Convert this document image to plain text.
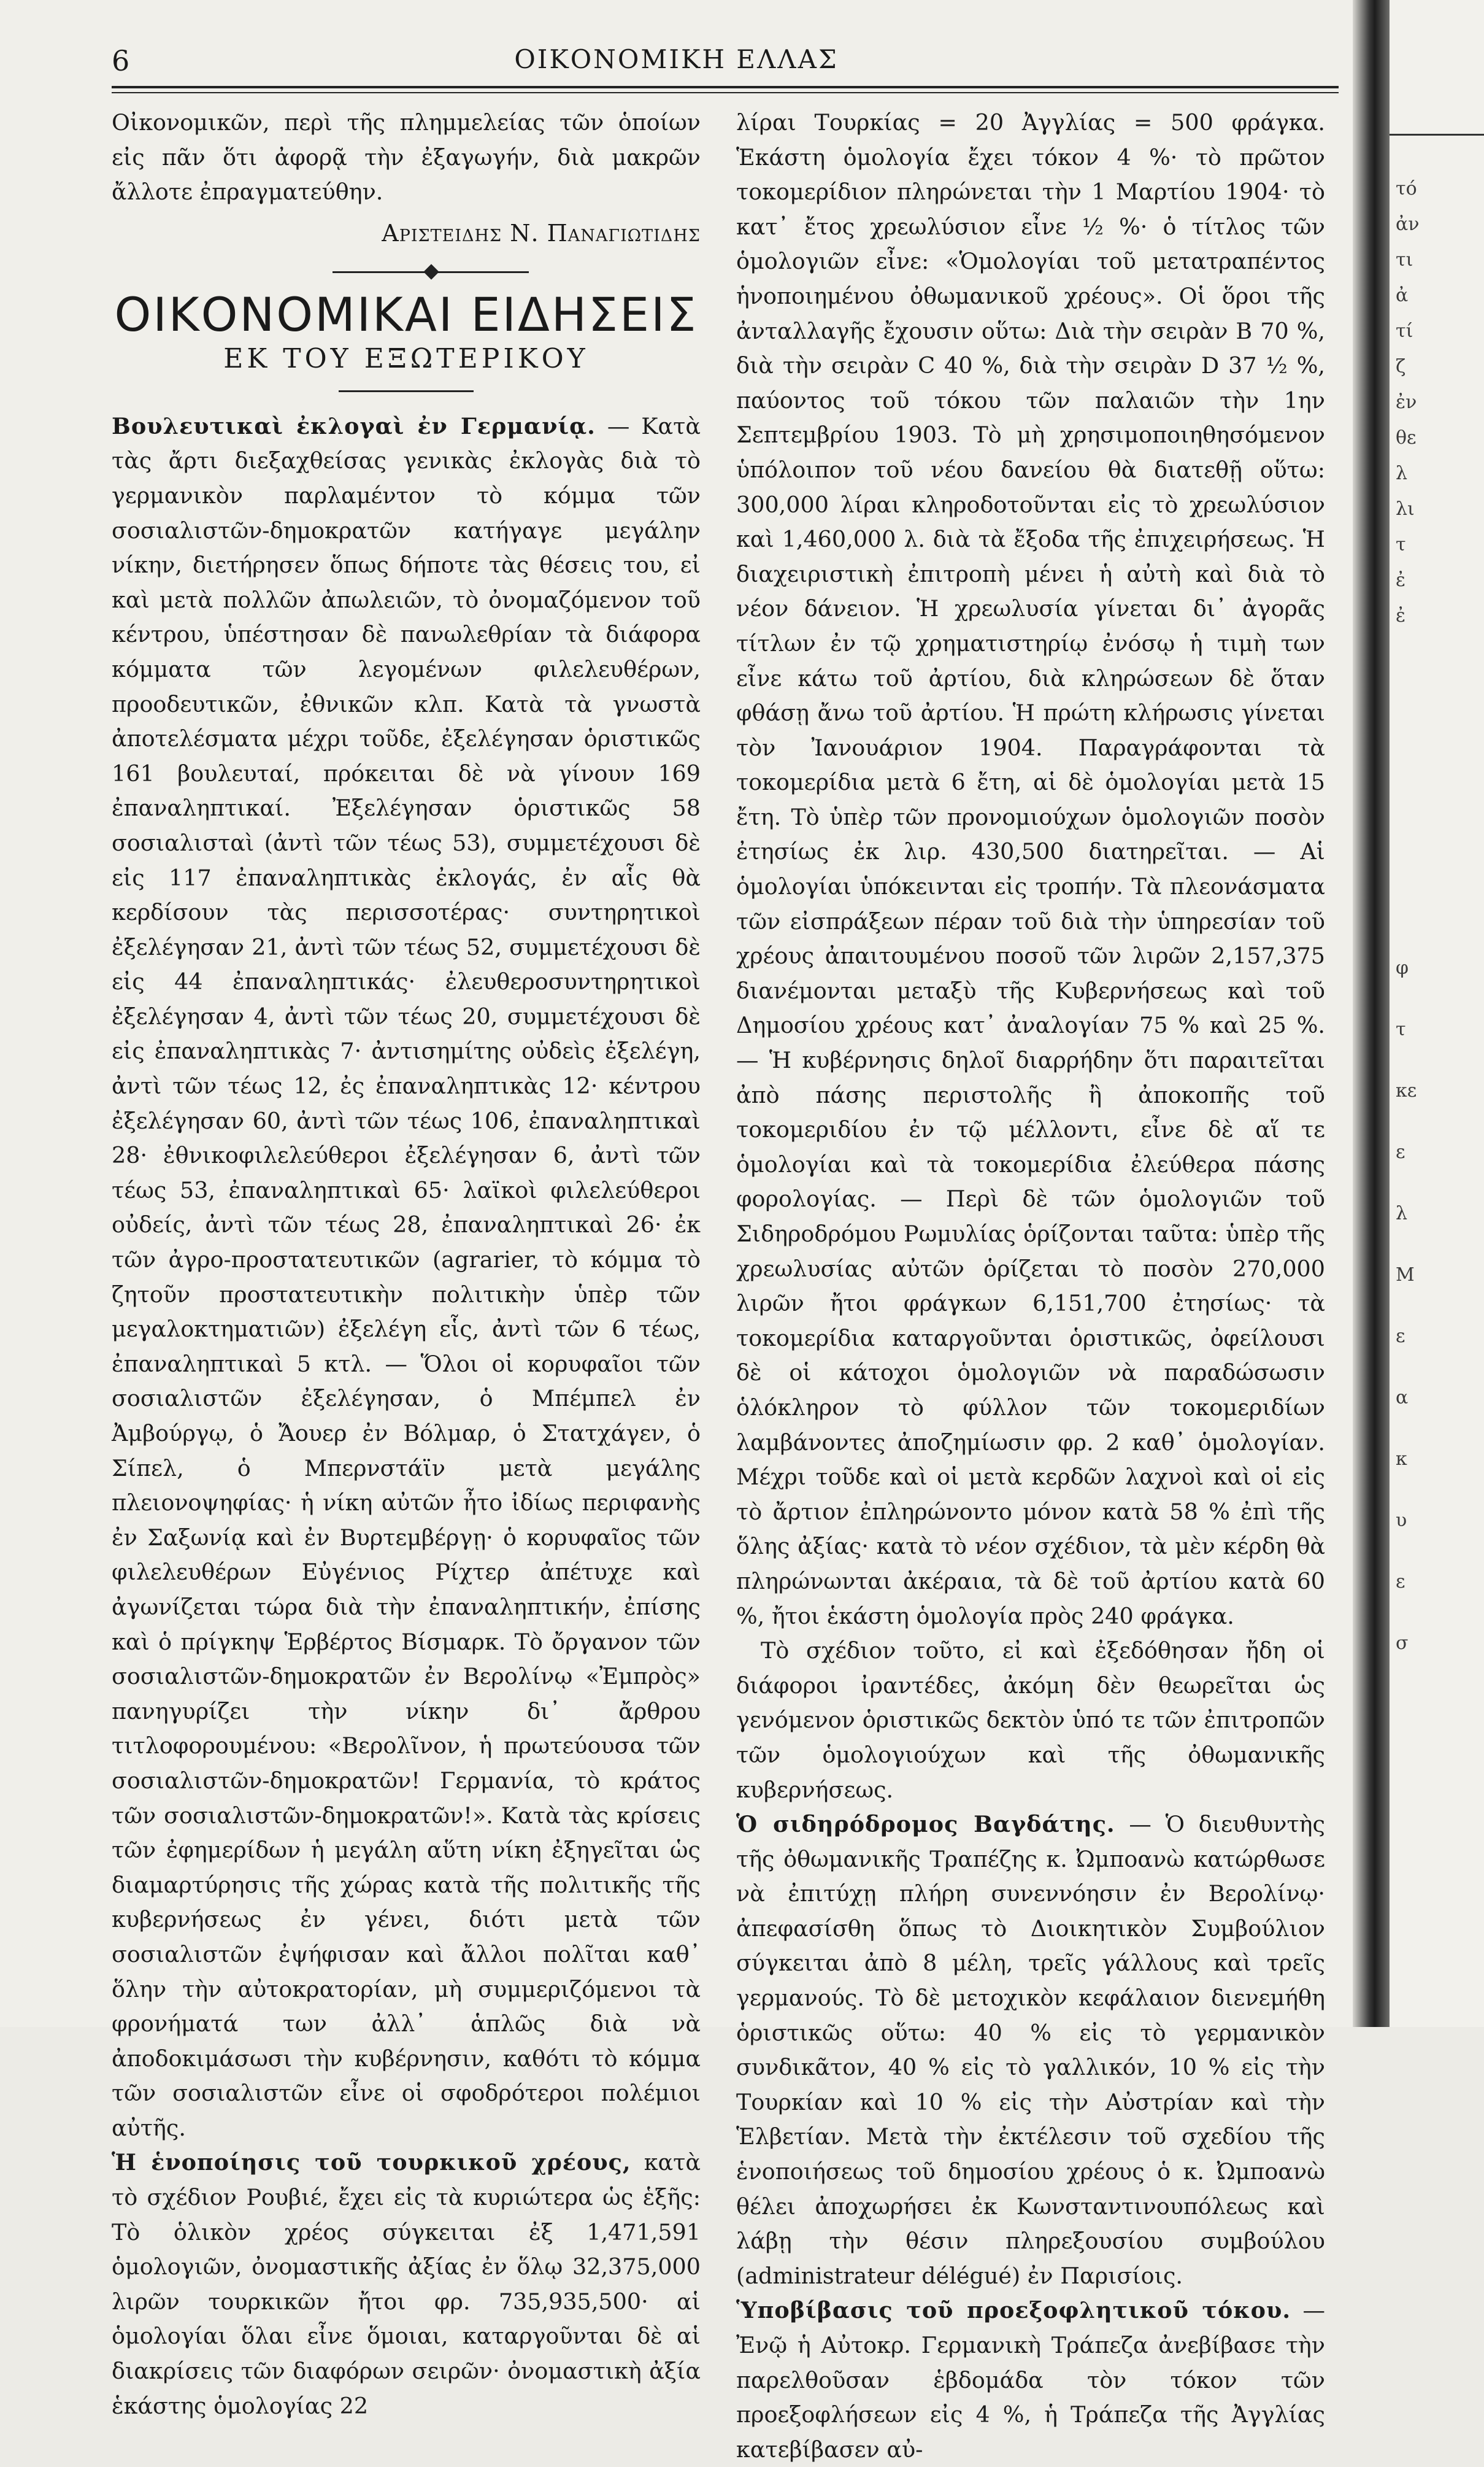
τό
ἀν
τι
ἀ
τί
ζ
ἐν
θε
λ
λι
τ
ἐ
ἐ
φ
τ
κε
ε
λ
Μ
ε
α
κ
υ
ε
σ
6	ΟΙΚΟΝΟΜΙΚΗ ΕΛΛΑΣ

Οἰκονομικῶν, περὶ τῆς πλημμελείας τῶν ὁποίων εἰς πᾶν ὅτι ἀφορᾷ τὴν ἐξαγωγήν, διὰ μακρῶν ἄλλοτε ἐπραγματεύθην.

Αριστειδης Ν. Παναγιωτιδης
ΟΙΚΟΝΟΜΙΚΑΙ ΕΙΔΗΣΕΙΣ
ΕΚ ΤΟΥ ΕΞΩΤΕΡΙΚΟΥ

Βουλευτικαὶ ἐκλογαὶ ἐν Γερμανίᾳ. — Κατὰ τὰς ἄρτι διεξαχθείσας γενικὰς ἐκλογὰς διὰ τὸ γερμανικὸν παρλαμέντον τὸ κόμμα τῶν σοσιαλιστῶν-δημοκρατῶν κατήγαγε μεγάλην νίκην, διετήρησεν ὅπως δήποτε τὰς θέσεις του, εἰ καὶ μετὰ πολλῶν ἀπωλειῶν, τὸ ὀνομαζόμενον τοῦ κέντρου, ὑπέστησαν δὲ πανωλεθρίαν τὰ διάφορα κόμματα τῶν λεγομένων φιλελευθέρων, προοδευτικῶν, ἐθνικῶν κλπ. Κατὰ τὰ γνωστὰ ἀποτελέσματα μέχρι τοῦδε, ἐξελέγησαν ὁριστικῶς 161 βουλευταί, πρόκειται δὲ νὰ γίνουν 169 ἐπαναληπτικαί. Ἐξελέγησαν ὁριστικῶς 58 σοσιαλισταὶ (ἀντὶ τῶν τέως 53), συμμετέχουσι δὲ εἰς 117 ἐπαναληπτικὰς ἐκλογάς, ἐν αἷς θὰ κερδίσουν τὰς περισσοτέρας· συντηρητικοὶ ἐξελέγησαν 21, ἀντὶ τῶν τέως 52, συμμετέχουσι δὲ εἰς 44 ἐπαναληπτικάς· ἐλευθεροσυντηρητικοὶ ἐξελέγησαν 4, ἀντὶ τῶν τέως 20, συμμετέχουσι δὲ εἰς ἐπαναληπτικὰς 7· ἀντισημίτης οὐδεὶς ἐξελέγη, ἀντὶ τῶν τέως 12, ἐς ἐπαναληπτικὰς 12· κέντρου ἐξελέγησαν 60, ἀντὶ τῶν τέως 106, ἐπαναληπτικαὶ 28· ἐθνικοφιλελεύθεροι ἐξελέγησαν 6, ἀντὶ τῶν τέως 53, ἐπαναληπτικαὶ 65· λαϊκοὶ φιλελεύθεροι οὐδείς, ἀντὶ τῶν τέως 28, ἐπαναληπτικαὶ 26· ἐκ τῶν ἀγρο-προστατευτικῶν (agrarier, τὸ κόμμα τὸ ζητοῦν προστατευτικὴν πολιτικὴν ὑπὲρ τῶν μεγαλοκτηματιῶν) ἐξελέγη εἷς, ἀντὶ τῶν 6 τέως, ἐπαναληπτικαὶ 5 κτλ. — Ὅλοι οἱ κορυφαῖοι τῶν σοσιαλιστῶν ἐξελέγησαν, ὁ Μπέμπελ ἐν Ἀμβούργῳ, ὁ Ἄουερ ἐν Βόλμαρ, ὁ Στατχάγεν, ὁ Σίπελ, ὁ Μπερνστάϊν μετὰ μεγάλης πλειονοψηφίας· ἡ νίκη αὐτῶν ἦτο ἰδίως περιφανὴς ἐν Σαξωνίᾳ καὶ ἐν Βυρτεμβέργῃ· ὁ κορυφαῖος τῶν φιλελευθέρων Εὐγένιος Ρίχτερ ἀπέτυχε καὶ ἀγωνίζεται τώρα διὰ τὴν ἐπαναληπτικήν, ἐπίσης καὶ ὁ πρίγκηψ Ἑρβέρτος Βίσμαρκ. Τὸ ὄργανον τῶν σοσιαλιστῶν-δημοκρατῶν ἐν Βερολίνῳ «Ἐμπρὸς» πανηγυρίζει τὴν νίκην δι᾽ ἄρθρου τιτλοφορουμένου: «Βερολῖνον, ἡ πρωτεύουσα τῶν σοσιαλιστῶν-δημοκρατῶν! Γερμανία, τὸ κράτος τῶν σοσιαλιστῶν-δημοκρατῶν!». Κατὰ τὰς κρίσεις τῶν ἐφημερίδων ἡ μεγάλη αὕτη νίκη ἐξηγεῖται ὡς διαμαρτύρησις τῆς χώρας κατὰ τῆς πολιτικῆς τῆς κυβερνήσεως ἐν γένει, διότι μετὰ τῶν σοσιαλιστῶν ἐψήφισαν καὶ ἄλλοι πολῖται καθ᾽ ὅλην τὴν αὐτοκρατορίαν, μὴ συμμεριζόμενοι τὰ φρονήματά των ἀλλ᾽ ἁπλῶς διὰ νὰ ἀποδοκιμάσωσι τὴν κυβέρνησιν, καθότι τὸ κόμμα τῶν σοσιαλιστῶν εἶνε οἱ σφοδρότεροι πολέμιοι αὐτῆς.

Ἡ ἑνοποίησις τοῦ τουρκικοῦ χρέους, κατὰ τὸ σχέδιον Ρουβιέ, ἔχει εἰς τὰ κυριώτερα ὡς ἑξῆς: Τὸ ὁλικὸν χρέος σύγκειται ἐξ 1,471,591 ὁμολογιῶν, ὀνομαστικῆς ἀξίας ἐν ὅλῳ 32,375,000 λιρῶν τουρκικῶν ἤτοι φρ. 735,935,500· αἱ ὁμολογίαι ὅλαι εἶνε ὅμοιαι, καταργοῦνται δὲ αἱ διακρίσεις τῶν διαφόρων σειρῶν· ὀνομαστικὴ ἀξία ἑκάστης ὁμολογίας 22

λίραι Τουρκίας = 20 Ἀγγλίας = 500 φράγκα. Ἑκάστη ὁμολογία ἔχει τόκον 4 %· τὸ πρῶτον τοκομερίδιον πληρώνεται τὴν 1 Μαρτίου 1904· τὸ κατ᾽ ἔτος χρεωλύσιον εἶνε ½ %· ὁ τίτλος τῶν ὁμολογιῶν εἶνε: «Ὁμολογίαι τοῦ μετατραπέντος ἡνοποιημένου ὀθωμανικοῦ χρέους». Οἱ ὅροι τῆς ἀνταλλαγῆς ἔχουσιν οὕτω: Διὰ τὴν σειρὰν B 70 %, διὰ τὴν σειρὰν C 40 %, διὰ τὴν σειρὰν D 37 ½ %, παύοντος τοῦ τόκου τῶν παλαιῶν τὴν 1ην Σεπτεμβρίου 1903. Τὸ μὴ χρησιμοποιηθησόμενον ὑπόλοιπον τοῦ νέου δανείου θὰ διατεθῇ οὕτω: 300,000 λίραι κληροδοτοῦνται εἰς τὸ χρεωλύσιον καὶ 1,460,000 λ. διὰ τὰ ἔξοδα τῆς ἐπιχειρήσεως. Ἡ διαχειριστικὴ ἐπιτροπὴ μένει ἡ αὐτὴ καὶ διὰ τὸ νέον δάνειον. Ἡ χρεωλυσία γίνεται δι᾽ ἀγορᾶς τίτλων ἐν τῷ χρηματιστηρίῳ ἐνόσῳ ἡ τιμὴ των εἶνε κάτω τοῦ ἀρτίου, διὰ κληρώσεων δὲ ὅταν φθάσῃ ἄνω τοῦ ἀρτίου. Ἡ πρώτη κλήρωσις γίνεται τὸν Ἰανουάριον 1904. Παραγράφονται τὰ τοκομερίδια μετὰ 6 ἔτη, αἱ δὲ ὁμολογίαι μετὰ 15 ἔτη. Τὸ ὑπὲρ τῶν προνομιούχων ὁμολογιῶν ποσὸν ἐτησίως ἐκ λιρ. 430,500 διατηρεῖται. — Αἱ ὁμολογίαι ὑπόκεινται εἰς τροπήν. Τὰ πλεονάσματα τῶν εἰσπράξεων πέραν τοῦ διὰ τὴν ὑπηρεσίαν τοῦ χρέους ἀπαιτουμένου ποσοῦ τῶν λιρῶν 2,157,375 διανέμονται μεταξὺ τῆς Κυβερνήσεως καὶ τοῦ Δημοσίου χρέους κατ᾽ ἀναλογίαν 75 % καὶ 25 %. — Ἡ κυβέρνησις δηλοῖ διαρρήδην ὅτι παραιτεῖται ἀπὸ πάσης περιστολῆς ἢ ἀποκοπῆς τοῦ τοκομεριδίου ἐν τῷ μέλλοντι, εἶνε δὲ αἵ τε ὁμολογίαι καὶ τὰ τοκομερίδια ἐλεύθερα πάσης φορολογίας. — Περὶ δὲ τῶν ὁμολογιῶν τοῦ Σιδηροδρόμου Ρωμυλίας ὁρίζονται ταῦτα: ὑπὲρ τῆς χρεωλυσίας αὐτῶν ὁρίζεται τὸ ποσὸν 270,000 λιρῶν ἤτοι φράγκων 6,151,700 ἐτησίως· τὰ τοκομερίδια καταργοῦνται ὁριστικῶς, ὀφείλουσι δὲ οἱ κάτοχοι ὁμολογιῶν νὰ παραδώσωσιν ὁλόκληρον τὸ φύλλον τῶν τοκομεριδίων λαμβάνοντες ἀποζημίωσιν φρ. 2 καθ᾽ ὁμολογίαν. Μέχρι τοῦδε καὶ οἱ μετὰ κερδῶν λαχνοὶ καὶ οἱ εἰς τὸ ἄρτιον ἐπληρώνοντο μόνον κατὰ 58 % ἐπὶ τῆς ὅλης ἀξίας· κατὰ τὸ νέον σχέδιον, τὰ μὲν κέρδη θὰ πληρώνωνται ἀκέραια, τὰ δὲ τοῦ ἀρτίου κατὰ 60 %, ἤτοι ἑκάστη ὁμολογία πρὸς 240 φράγκα.

Τὸ σχέδιον τοῦτο, εἰ καὶ ἐξεδόθησαν ἤδη οἱ διάφοροι ἰραντέδες, ἀκόμη δὲν θεωρεῖται ὡς γενόμενον ὁριστικῶς δεκτὸν ὑπό τε τῶν ἐπιτροπῶν τῶν ὁμολογιούχων καὶ τῆς ὀθωμανικῆς κυβερνήσεως.

Ὁ σιδηρόδρομος Βαγδάτης. — Ὁ διευθυντὴς τῆς ὀθωμανικῆς Τραπέζης κ. Ὠμποανὼ κατώρθωσε νὰ ἐπιτύχῃ πλήρη συνεννόησιν ἐν Βερολίνῳ· ἀπεφασίσθη ὅπως τὸ Διοικητικὸν Συμβούλιον σύγκειται ἀπὸ 8 μέλη, τρεῖς γάλλους καὶ τρεῖς γερμανούς. Τὸ δὲ μετοχικὸν κεφάλαιον διενεμήθη ὁριστικῶς οὕτω: 40 % εἰς τὸ γερμανικὸν συνδικᾶτον, 40 % εἰς τὸ γαλλικόν, 10 % εἰς τὴν Τουρκίαν καὶ 10 % εἰς τὴν Αὐστρίαν καὶ τὴν Ἑλβετίαν. Μετὰ τὴν ἐκτέλεσιν τοῦ σχεδίου τῆς ἑνοποιήσεως τοῦ δημοσίου χρέους ὁ κ. Ὠμποανὼ θέλει ἀποχωρήσει ἐκ Κωνσταντινουπόλεως καὶ λάβῃ τὴν θέσιν πληρεξουσίου συμβούλου (administrateur délégué) ἐν Παρισίοις.

Ὑποβίβασις τοῦ προεξοφλητικοῦ τόκου. — Ἐνῷ ἡ Αὐτοκρ. Γερμανικὴ Τράπεζα ἀνεβίβασε τὴν παρελθοῦσαν ἑβδομάδα τὸν τόκον τῶν προεξοφλήσεων εἰς 4 %, ἡ Τράπεζα τῆς Ἀγγλίας κατεβίβασεν αὐ-
